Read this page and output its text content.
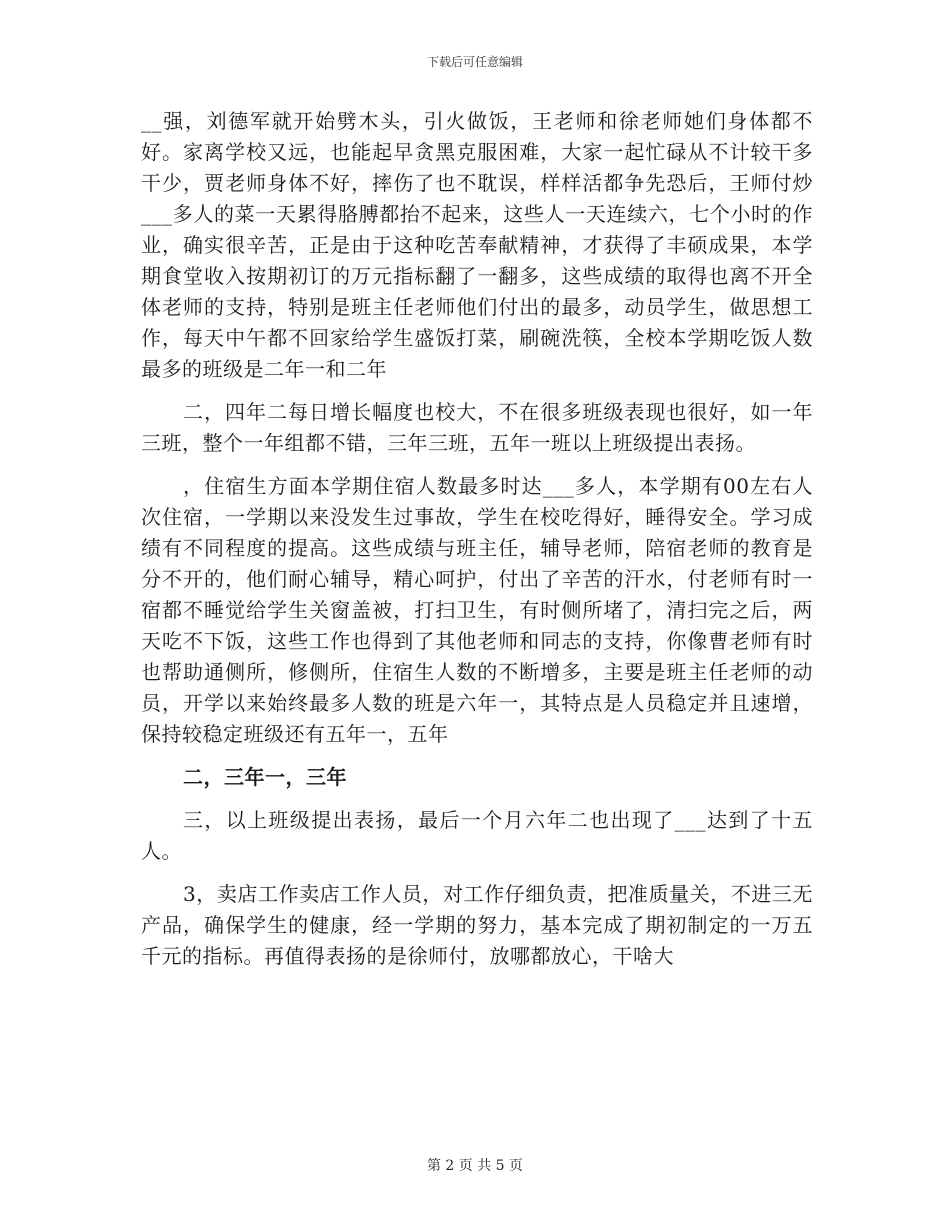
下载后可任意编辑

__强，刘德军就开始劈木头，引火做饭，王老师和徐老师她们身体都不好。家离学校又远，也能起早贪黑克服困难，大家一起忙碌从不计较干多干少，贾老师身体不好，摔伤了也不耽误，样样活都争先恐后，王师付炒___多人的菜一天累得胳膊都抬不起来，这些人一天连续六，七个小时的作业，确实很辛苦，正是由于这种吃苦奉献精神，才获得了丰硕成果，本学期食堂收入按期初订的万元指标翻了一翻多，这些成绩的取得也离不开全体老师的支持，特别是班主任老师他们付出的最多，动员学生，做思想工作，每天中午都不回家给学生盛饭打菜，刷碗洗筷，全校本学期吃饭人数最多的班级是二年一和二年

二，四年二每日增长幅度也校大，不在很多班级表现也很好，如一年三班，整个一年组都不错，三年三班，五年一班以上班级提出表扬。

，住宿生方面本学期住宿人数最多时达___多人，本学期有00左右人次住宿，一学期以来没发生过事故，学生在校吃得好，睡得安全。学习成绩有不同程度的提高。这些成绩与班主任，辅导老师，陪宿老师的教育是分不开的，他们耐心辅导，精心呵护，付出了辛苦的汗水，付老师有时一宿都不睡觉给学生关窗盖被，打扫卫生，有时侧所堵了，清扫完之后，两天吃不下饭，这些工作也得到了其他老师和同志的支持，你像曹老师有时也帮助通侧所，修侧所，住宿生人数的不断增多，主要是班主任老师的动员，开学以来始终最多人数的班是六年一，其特点是人员稳定并且速增，保持较稳定班级还有五年一，五年

二，三年一，三年

三，以上班级提出表扬，最后一个月六年二也出现了___达到了十五人。

3，卖店工作卖店工作人员，对工作仔细负责，把准质量关，不进三无产品，确保学生的健康，经一学期的努力，基本完成了期初制定的一万五千元的指标。再值得表扬的是徐师付，放哪都放心，干啥大

第 2 页 共 5 页
